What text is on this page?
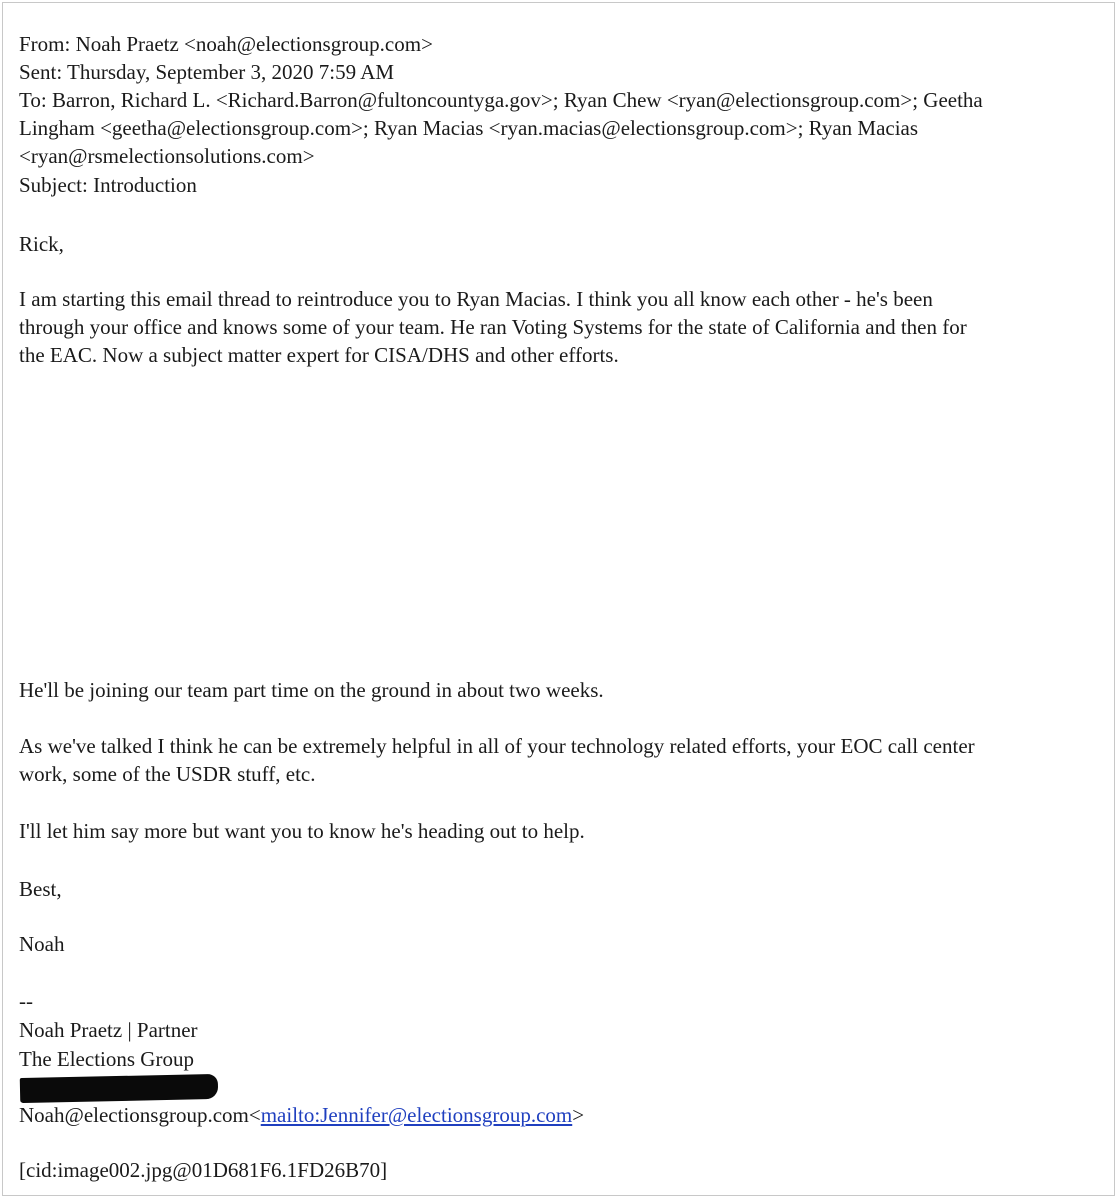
From: Noah Praetz <noah@electionsgroup.com>

Sent: Thursday, September 3, 2020 7:59 AM

To: Barron, Richard L. <Richard.Barron@fultoncountyga.gov>; Ryan Chew <ryan@electionsgroup.com>; Geetha

Lingham <geetha@electionsgroup.com>; Ryan Macias <ryan.macias@electionsgroup.com>; Ryan Macias

<ryan@rsmelectionsolutions.com>

Subject: Introduction

Rick,

I am starting this email thread to reintroduce you to Ryan Macias. I think you all know each other - he's been

through your office and knows some of your team. He ran Voting Systems for the state of California and then for

the EAC. Now a subject matter expert for CISA/DHS and other efforts.

He'll be joining our team part time on the ground in about two weeks.

As we've talked I think he can be extremely helpful in all of your technology related efforts, your EOC call center

work, some of the USDR stuff, etc.

I'll let him say more but want you to know he's heading out to help.

Best,

Noah

--

Noah Praetz | Partner

The Elections Group

Noah@electionsgroup.com<mailto:Jennifer@electionsgroup.com>

[cid:image002.jpg@01D681F6.1FD26B70]
